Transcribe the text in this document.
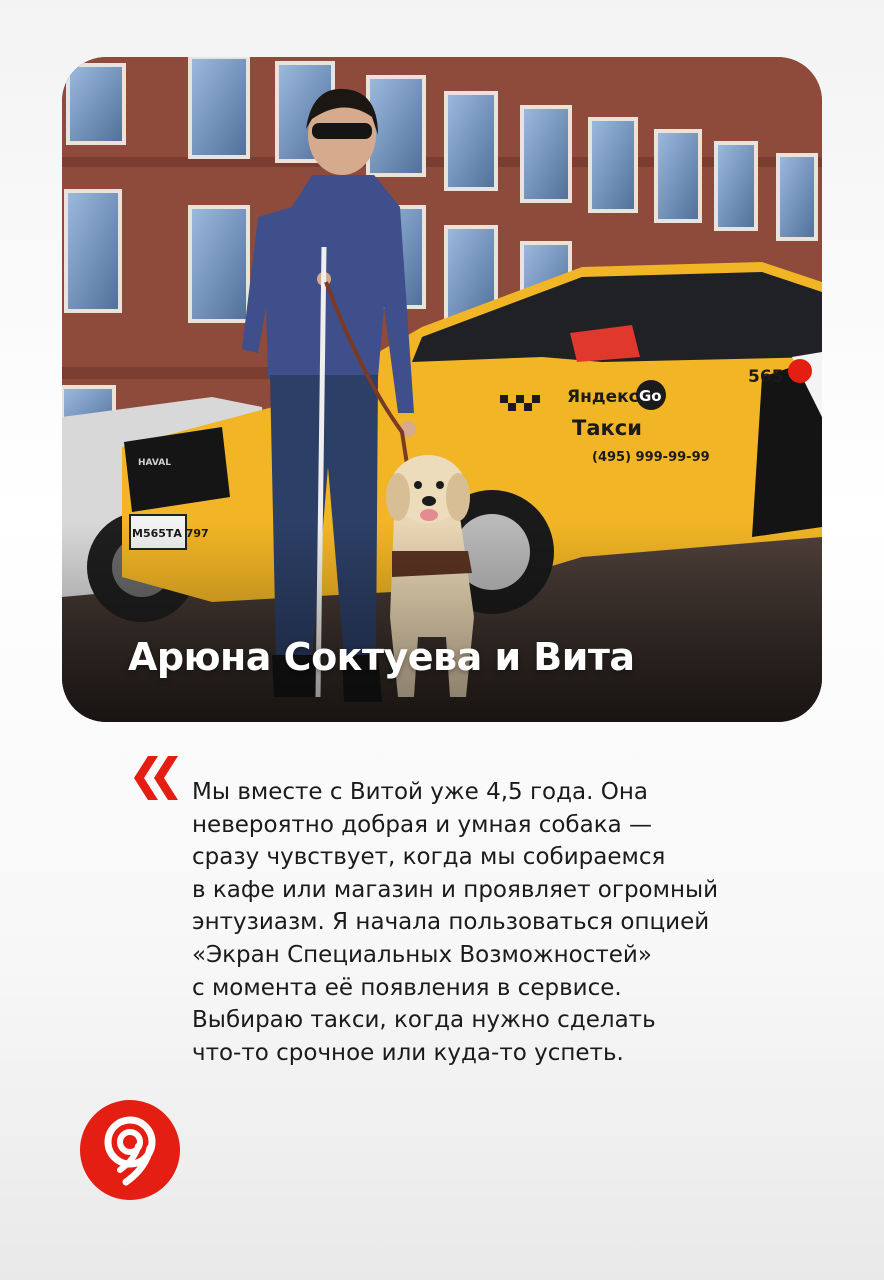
Арюна Соктуева и Вита
Мы вместе с Витой уже 4,5 года. Она
невероятно добрая и умная собака —
сразу чувствует, когда мы собираемся
в кафе или магазин и проявляет огромный
энтузиазм. Я начала пользоваться опцией
«Экран Специальных Возможностей»
с момента её появления в сервисе.
Выбираю такси, когда нужно сделать
что-то срочное или куда-то успеть.
